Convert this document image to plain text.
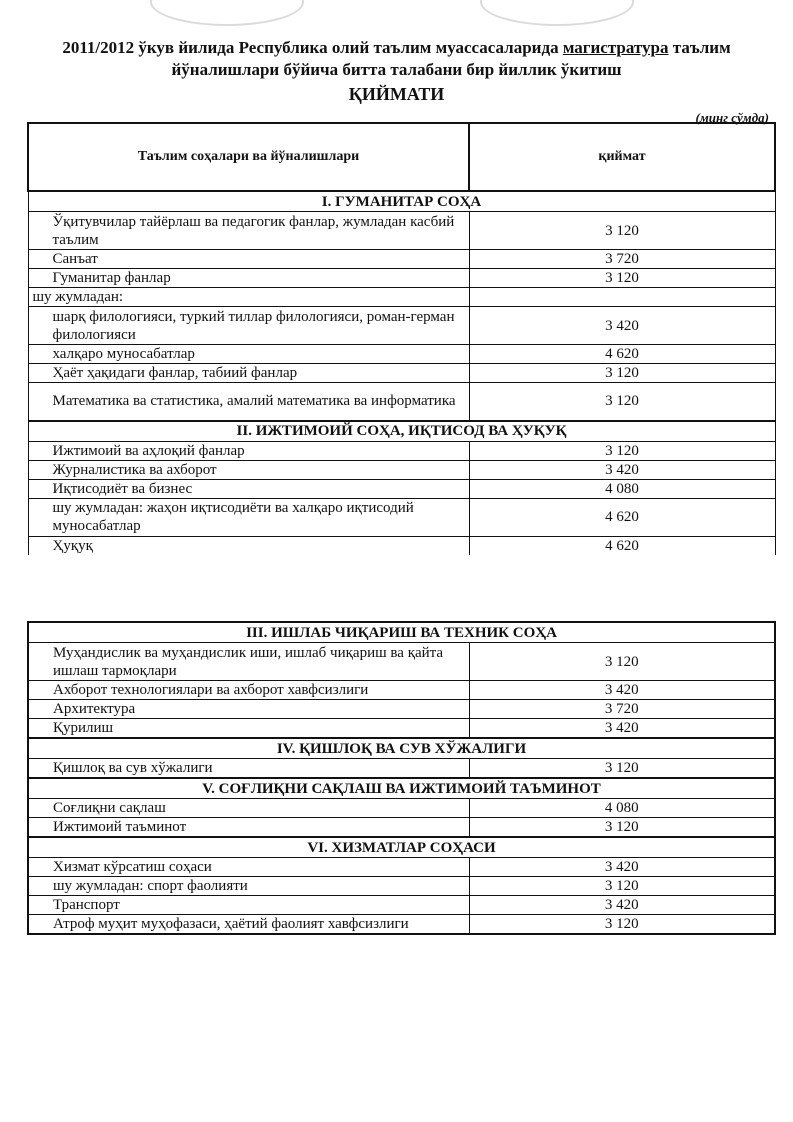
2011/2012 ўкув йилида Республика олий таълим муассасаларида магистратура таълим
йўналишлари бўйича битта талабани бир йиллик ўкитиш
ҚИЙМАТИ
(минг сўмда)
Таълим соҳалари ва йўналишлари	қиймат
I. ГУМАНИТАР СОҲА	
Ўқитувчилар тайёрлаш ва педагогик фанлар, жумладан касбий таълим	3 120
Санъат	3 720
Гуманитар фанлар	3 120
шу жумладан:	
шарқ филологияси, туркий тиллар филологияси, роман-герман филологияси	3 420
халқаро муносабатлар	4 620
Ҳаёт ҳақидаги фанлар, табиий фанлар	3 120
Математика ва статистика, амалий математика ва информатика	3 120
II. ИЖТИМОИЙ СОҲА, ИҚТИСОД ВА ҲУҚУҚ	
Ижтимоий ва аҳлоқий фанлар	3 120
Журналистика ва ахборот	3 420
Иқтисодиёт ва бизнес	4 080
шу жумладан: жаҳон иқтисодиёти ва халқаро иқтисодий муносабатлар	4 620
Ҳуқуқ	4 620
III. ИШЛАБ ЧИҚАРИШ ВА ТЕХНИК СОҲА	
Муҳандислик ва муҳандислик иши, ишлаб чиқариш ва қайта ишлаш тармоқлари	3 120
Ахборот технологиялари ва ахборот хавфсизлиги	3 420
Архитектура	3 720
Қурилиш	3 420
IV. ҚИШЛОҚ ВА СУВ ХЎЖАЛИГИ	
Қишлоқ ва сув хўжалиги	3 120
V. СОҒЛИҚНИ САҚЛАШ ВА ИЖТИМОИЙ ТАЪМИНОТ	
Соғлиқни сақлаш	4 080
Ижтимоий таъминот	3 120
VI. ХИЗМАТЛАР СОҲАСИ	
Хизмат кўрсатиш соҳаси	3 420
шу жумладан: спорт фаолияти	3 120
Транспорт	3 420
Атроф муҳит муҳофазаси, ҳаётий фаолият хавфсизлиги	3 120
